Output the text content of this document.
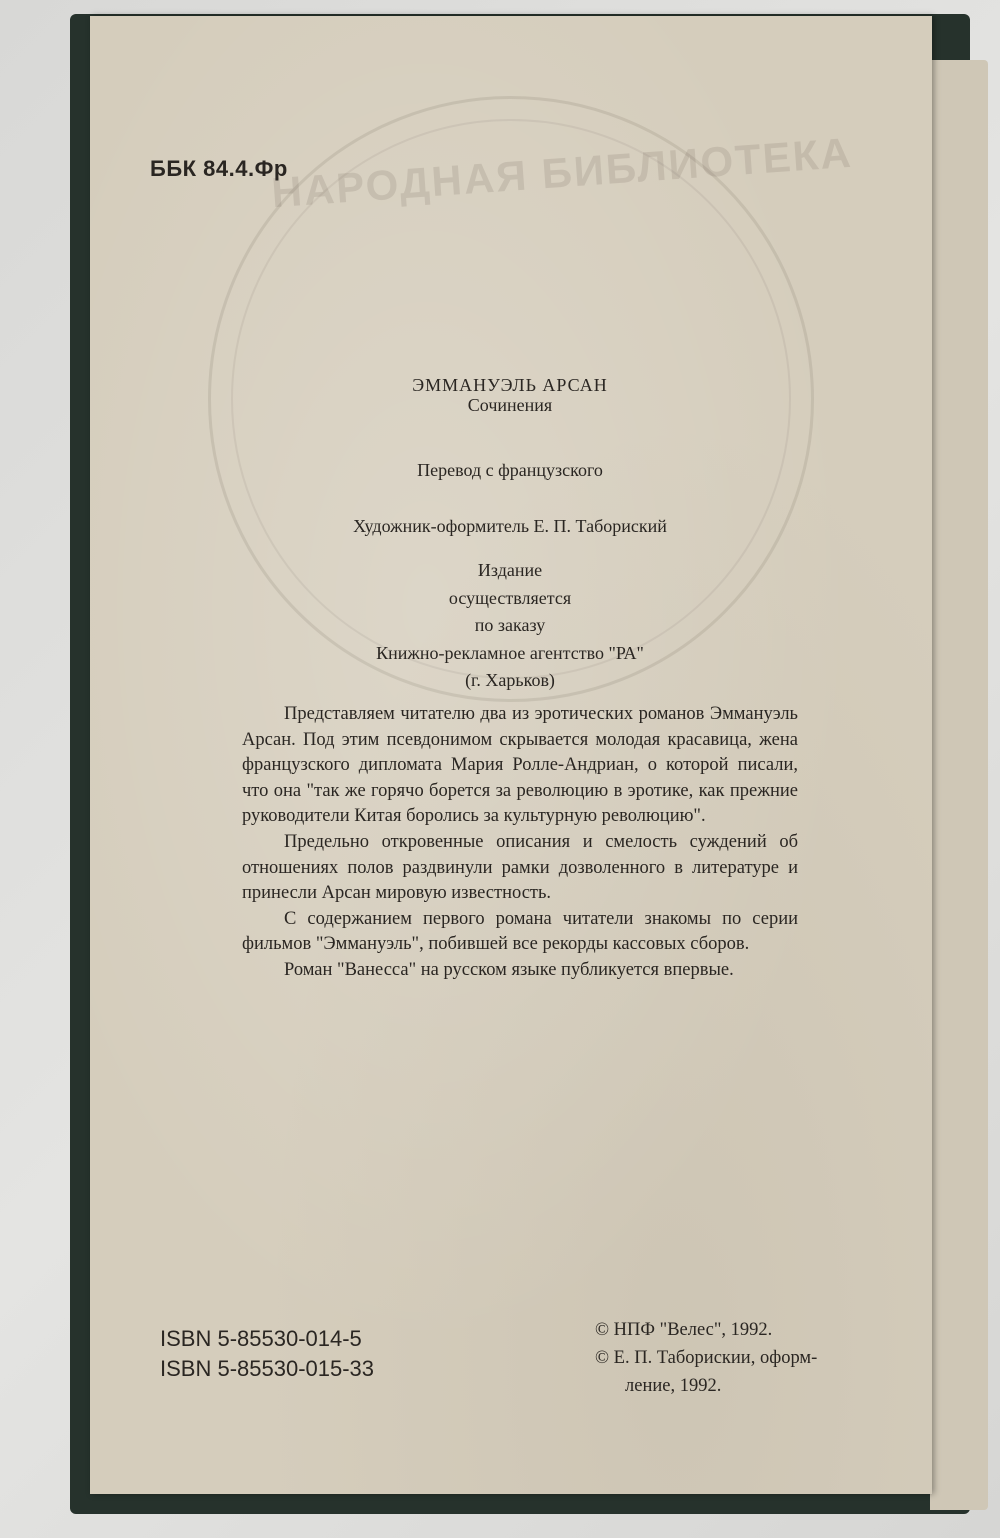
НАРОДНАЯ БИБЛИОТЕКА
ББК 84.4.Фр
ЭММАНУЭЛЬ АРСАН
Сочинения
Перевод с французского
Художник-оформитель Е. П. Табориский
Издание
осуществляется
по заказу
Книжно-рекламное агентство "РА"
(г. Харьков)

Представляем читателю два из эротических романов Эммануэль Арсан. Под этим псевдонимом скрывается молодая красавица, жена французского дипломата Мария Ролле-Андриан, о которой писали, что она "так же горячо борется за революцию в эротике, как прежние руководители Китая боролись за культурную революцию".

Предельно откровенные описания и смелость суждений об отношениях полов раздвинули рамки дозволенного в литературе и принесли Арсан мировую известность.

С содержанием первого романа читатели знакомы по серии фильмов "Эммануэль", побившей все рекорды кассовых сборов.

Роман "Ванесса" на русском языке публикуется впервые.

ISBN 5-85530-014-5
ISBN 5-85530-015-33
© НПФ "Велес", 1992.
© Е. П. Таборискии, оформ-
ление, 1992.
